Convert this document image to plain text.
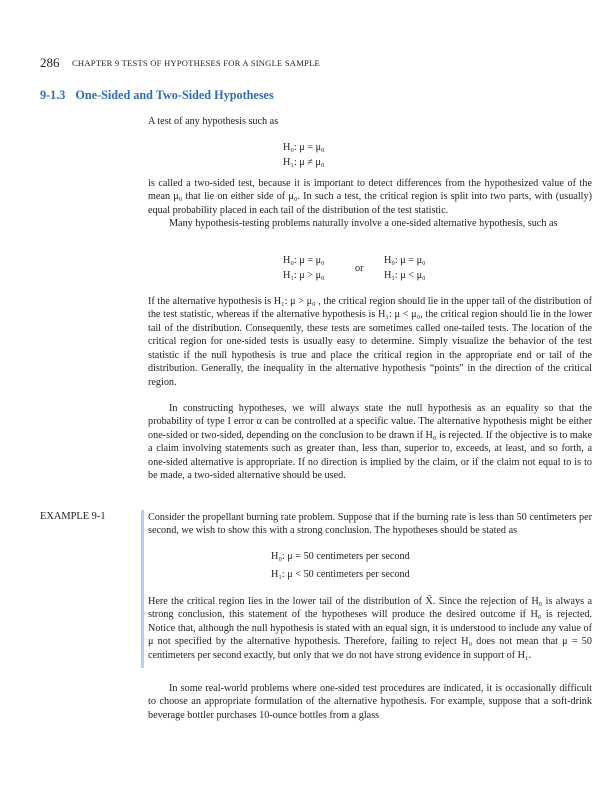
286 CHAPTER 9 TESTS OF HYPOTHESES FOR A SINGLE SAMPLE
9-1.3 One-Sided and Two-Sided Hypotheses
A test of any hypothesis such as
H₀: μ = μ₀
H₁: μ ≠ μ₀
is called a two-sided test, because it is important to detect differences from the hypothesized value of the mean μ₀ that lie on either side of μ₀. In such a test, the critical region is split into two parts, with (usually) equal probability placed in each tail of the distribution of the test statistic.
Many hypothesis-testing problems naturally involve a one-sided alternative hypothesis, such as
H₀: μ = μ₀
H₁: μ > μ₀
or
H₀: μ = μ₀
H₁: μ < μ₀
If the alternative hypothesis is H₁: μ > μ₀ , the critical region should lie in the upper tail of the distribution of the test statistic, whereas if the alternative hypothesis is H₁: μ < μ₀, the critical region should lie in the lower tail of the distribution. Consequently, these tests are sometimes called one-tailed tests. The location of the critical region for one-sided tests is usually easy to determine. Simply visualize the behavior of the test statistic if the null hypothesis is true and place the critical region in the appropriate end or tail of the distribution. Generally, the inequality in the alternative hypothesis “points” in the direction of the critical region.
In constructing hypotheses, we will always state the null hypothesis as an equality so that the probability of type I error α can be controlled at a specific value. The alternative hypothesis might be either one-sided or two-sided, depending on the conclusion to be drawn if H₀ is rejected. If the objective is to make a claim involving statements such as greater than, less than, superior to, exceeds, at least, and so forth, a one-sided alternative is appropriate. If no direction is implied by the claim, or if the claim not equal to is to be made, a two-sided alternative should be used.
EXAMPLE 9-1	Consider the propellant burning rate problem. Suppose that if the burning rate is less than 50 centimeters per second, we wish to show this with a strong conclusion. The hypotheses should be stated as
H₀: μ = 50 centimeters per second
H₁: μ < 50 centimeters per second
Here the critical region lies in the lower tail of the distribution of X̄. Since the rejection of H₀ is always a strong conclusion, this statement of the hypotheses will produce the desired outcome if H₀ is rejected. Notice that, although the null hypothesis is stated with an equal sign, it is understood to include any value of μ not specified by the alternative hypothesis. Therefore, failing to reject H₀ does not mean that μ = 50 centimeters per second exactly, but only that we do not have strong evidence in support of H₁.
In some real-world problems where one-sided test procedures are indicated, it is occasionally difficult to choose an appropriate formulation of the alternative hypothesis. For example, suppose that a soft-drink beverage bottler purchases 10-ounce bottles from a glass
